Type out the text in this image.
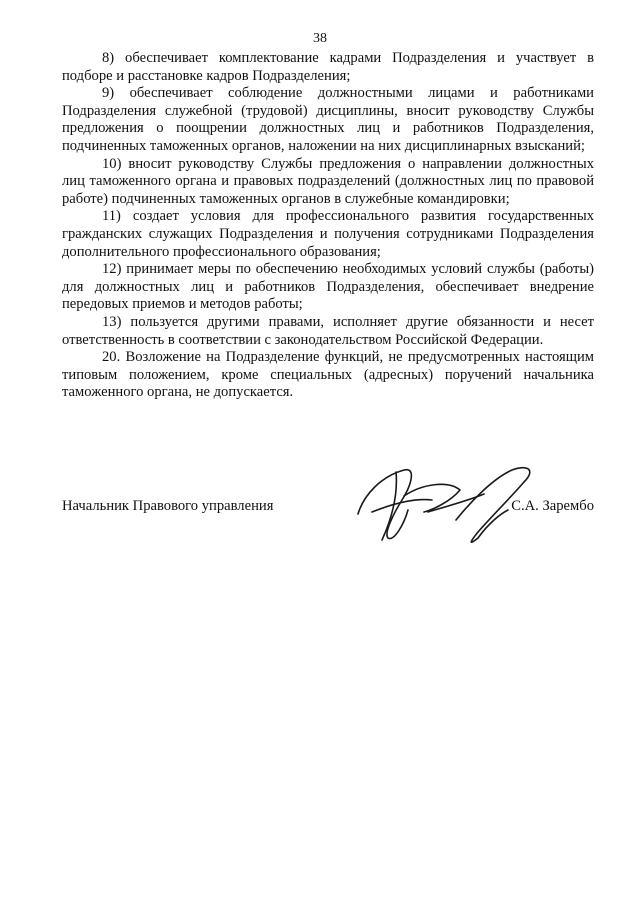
38

8) обеспечивает комплектование кадрами Подразделения и участвует в подборе и расстановке кадров Подразделения;

9) обеспечивает соблюдение должностными лицами и работниками Подразделения служебной (трудовой) дисциплины, вносит руководству Службы предложения о поощрении должностных лиц и работников Подразделения, подчиненных таможенных органов, наложении на них дисциплинарных взысканий;

10) вносит руководству Службы предложения о направлении должностных лиц таможенного органа и правовых подразделений (должностных лиц по правовой работе) подчиненных таможенных органов в служебные командировки;

11) создает условия для профессионального развития государственных гражданских служащих Подразделения и получения сотрудниками Подразделения дополнительного профессионального образования;

12) принимает меры по обеспечению необходимых условий службы (работы) для должностных лиц и работников Подразделения, обеспечивает внедрение передовых приемов и методов работы;

13) пользуется другими правами, исполняет другие обязанности и несет ответственность в соответствии с законодательством Российской Федерации.

20. Возложение на Подразделение функций, не предусмотренных настоящим типовым положением, кроме специальных (адресных) поручений начальника таможенного органа, не допускается.

Начальник Правового управления	С.А. Зарембо
